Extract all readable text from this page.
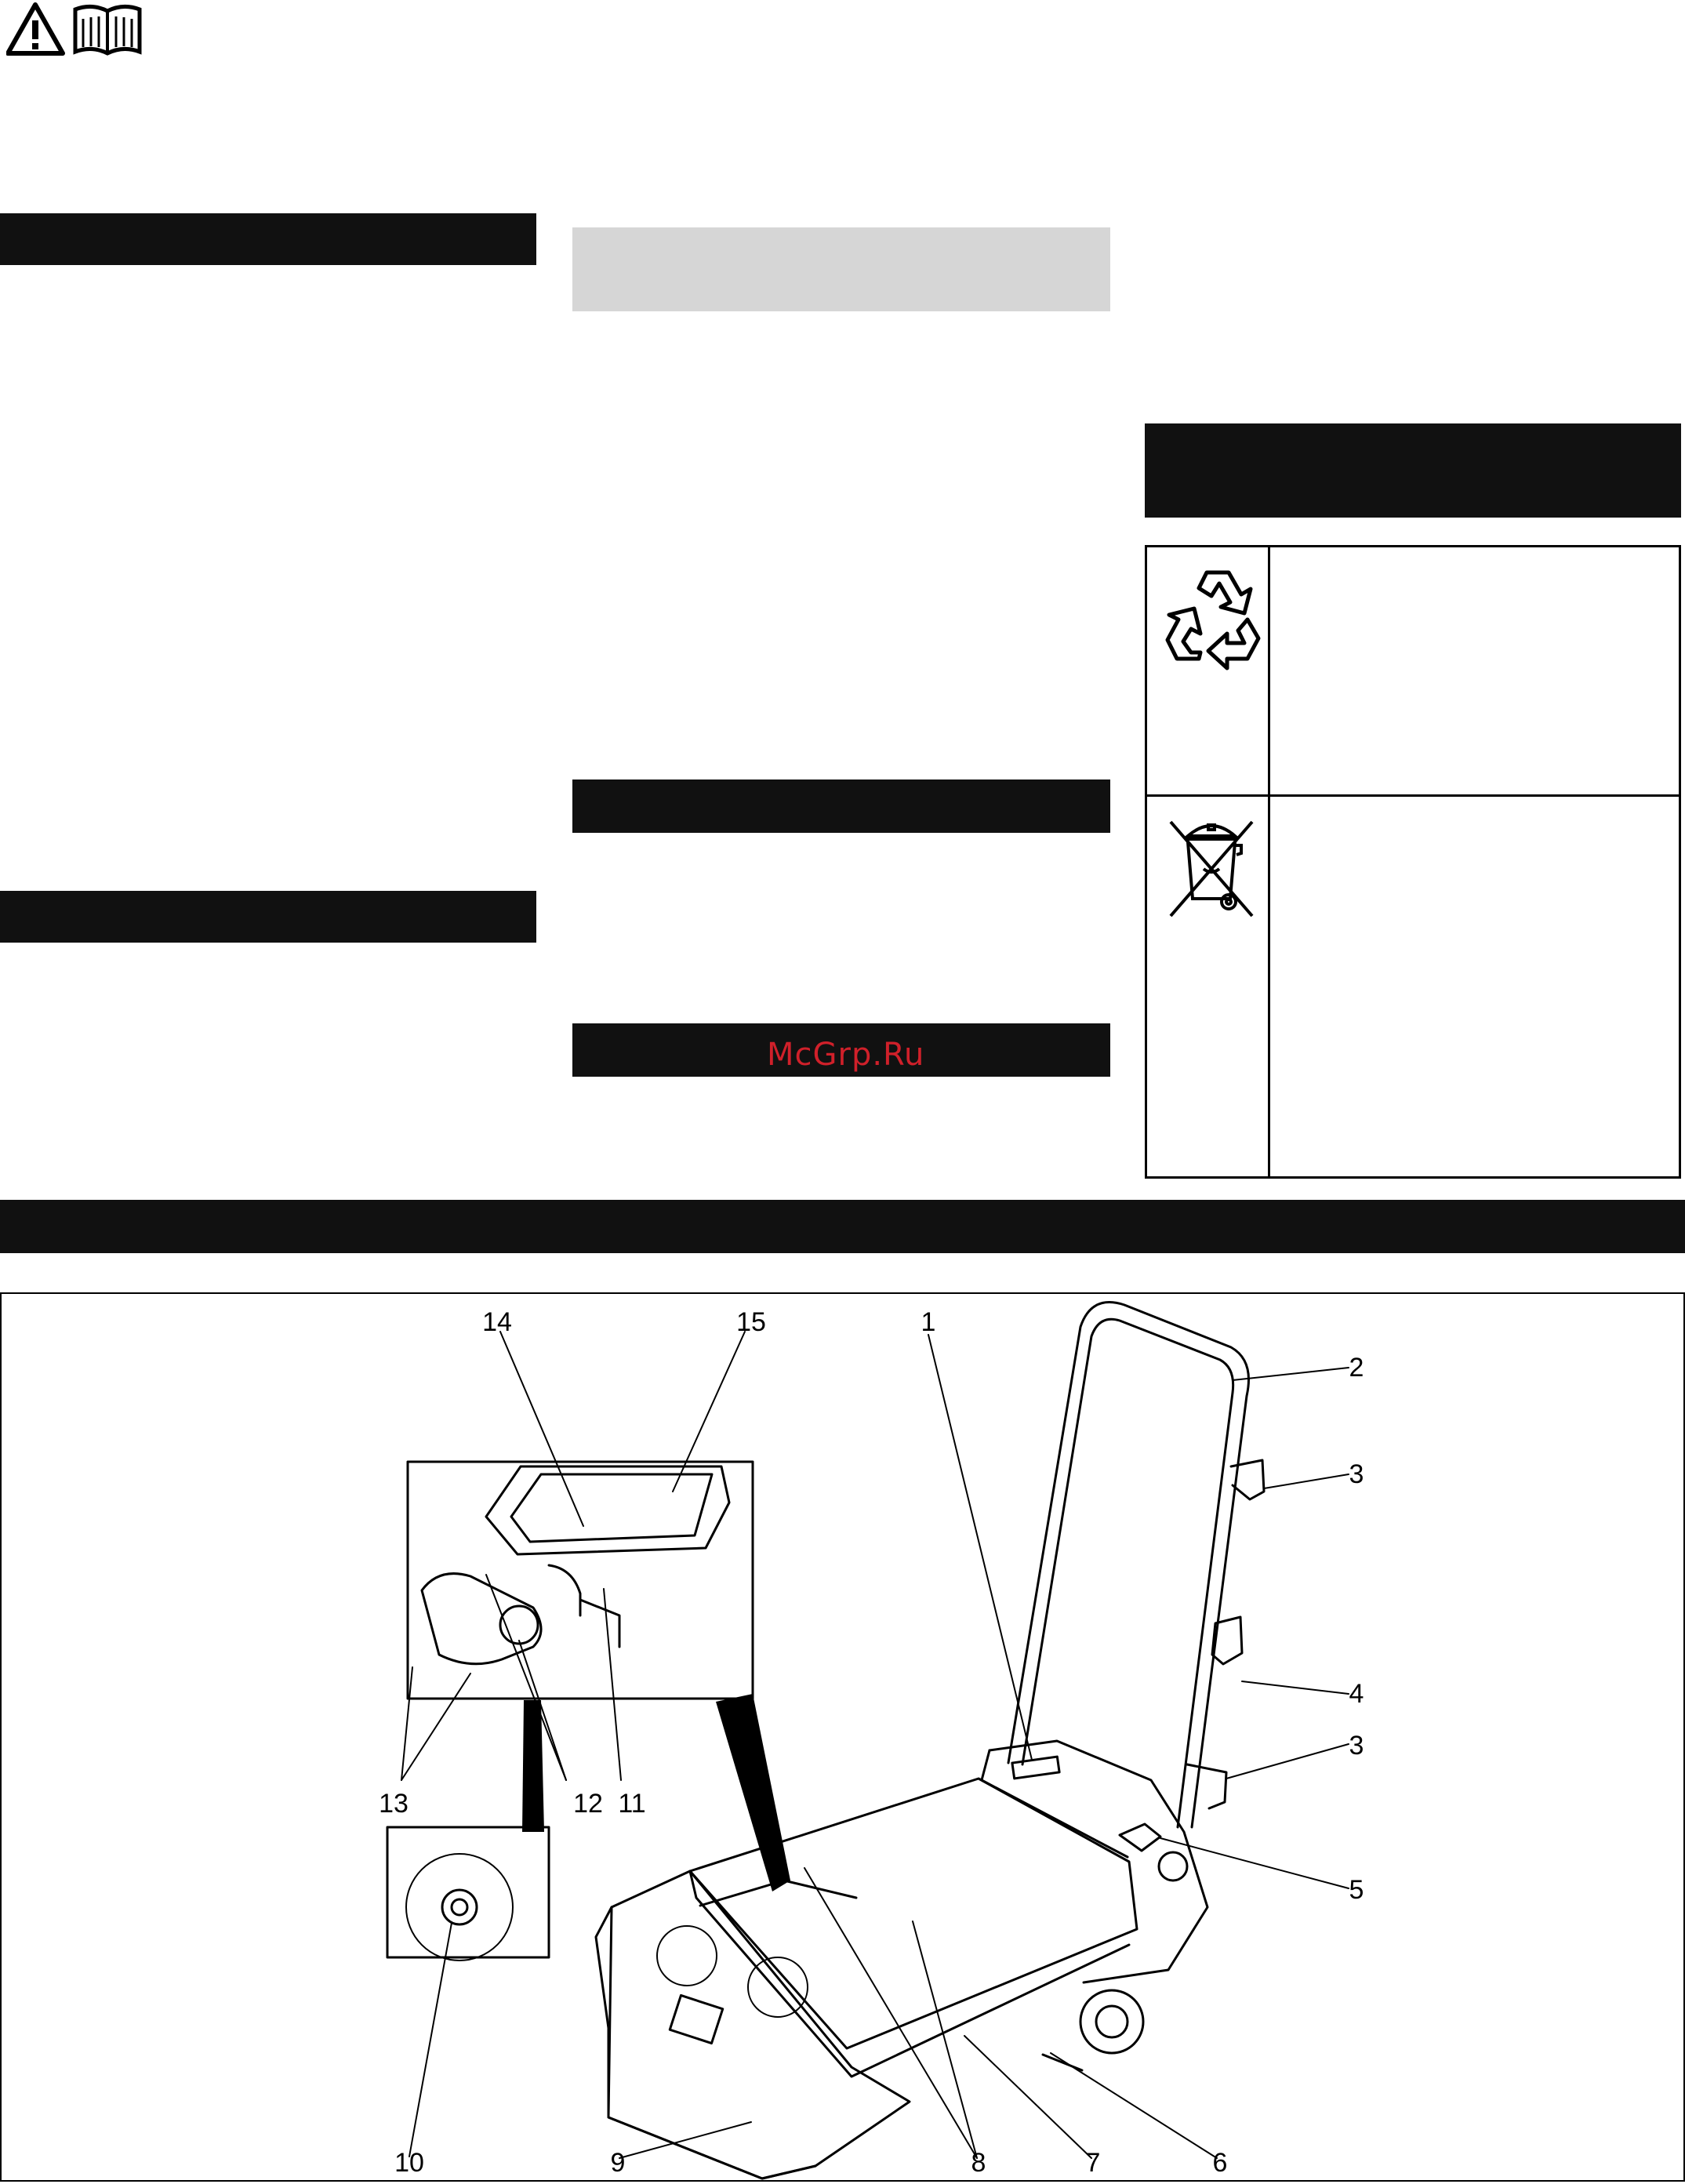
McGrp.Ru
14	15	1
2
3
4
3
5
13	12 11
10	9	8	7	6
